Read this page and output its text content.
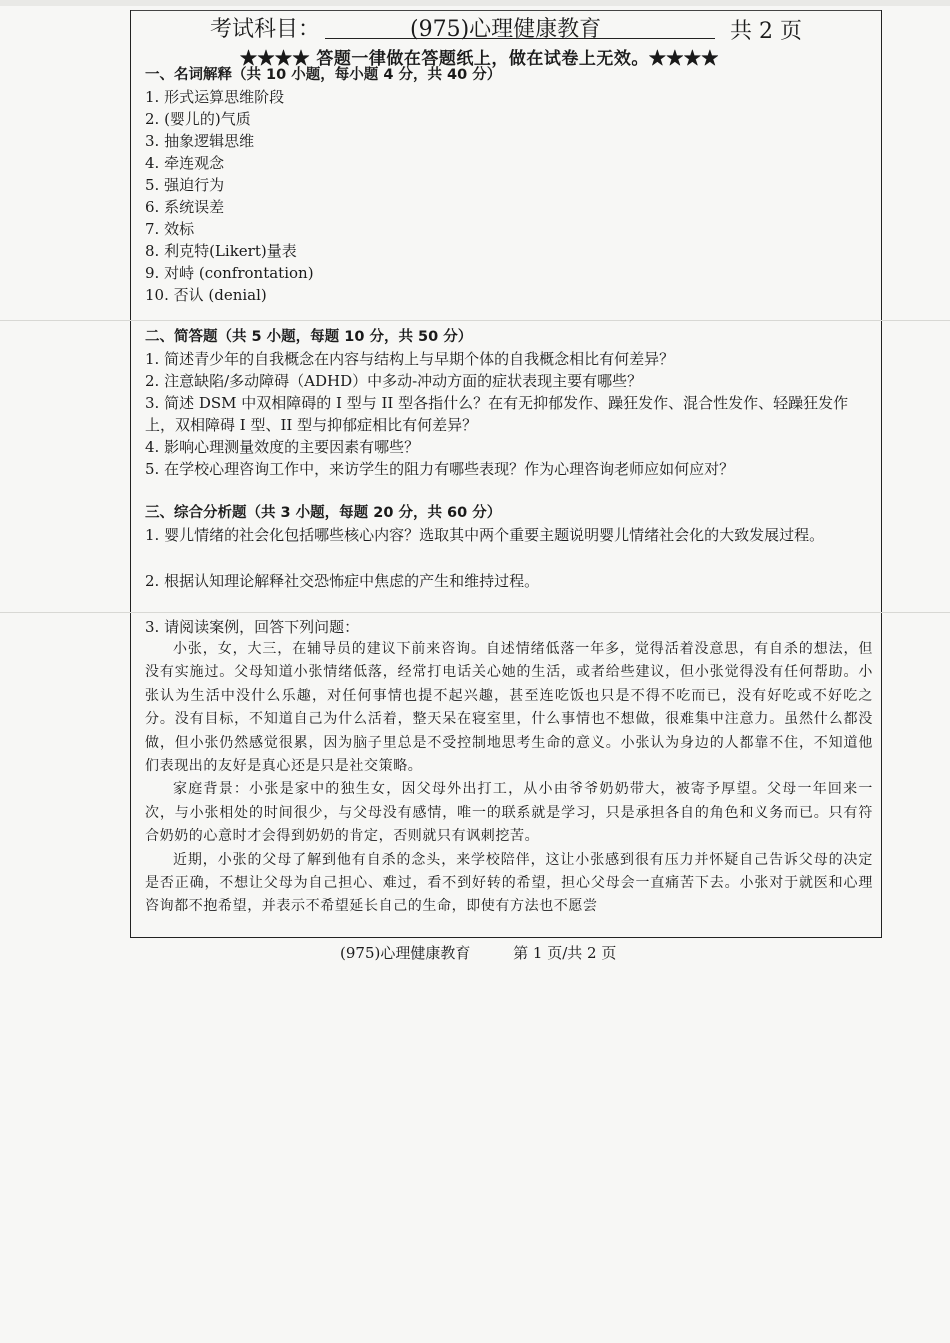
考试科目：	(975)心理健康教育	共 2 页
★★★★ 答题一律做在答题纸上，做在试卷上无效。★★★★
一、名词解释（共 10 小题，每小题 4 分，共 40 分）
1. 形式运算思维阶段
2. (婴儿的)气质
3. 抽象逻辑思维
4. 牵连观念
5. 强迫行为
6. 系统误差
7. 效标
8. 利克特(Likert)量表
9. 对峙 (confrontation)
10. 否认 (denial)
二、简答题（共 5 小题，每题 10 分，共 50 分）
1. 简述青少年的自我概念在内容与结构上与早期个体的自我概念相比有何差异？
2. 注意缺陷/多动障碍（ADHD）中多动-冲动方面的症状表现主要有哪些？
3. 简述 DSM 中双相障碍的 I 型与 II 型各指什么？在有无抑郁发作、躁狂发作、混合性发作、轻躁狂发作上，双相障碍 I 型、II 型与抑郁症相比有何差异？
4. 影响心理测量效度的主要因素有哪些？
5. 在学校心理咨询工作中，来访学生的阻力有哪些表现？作为心理咨询老师应如何应对？
三、综合分析题（共 3 小题，每题 20 分，共 60 分）
1. 婴儿情绪的社会化包括哪些核心内容？选取其中两个重要主题说明婴儿情绪社会化的大致发展过程。
2. 根据认知理论解释社交恐怖症中焦虑的产生和维持过程。
3. 请阅读案例，回答下列问题：

小张，女，大三，在辅导员的建议下前来咨询。自述情绪低落一年多，觉得活着没意思，有自杀的想法，但没有实施过。父母知道小张情绪低落，经常打电话关心她的生活，或者给些建议，但小张觉得没有任何帮助。小张认为生活中没什么乐趣，对任何事情也提不起兴趣，甚至连吃饭也只是不得不吃而已，没有好吃或不好吃之分。没有目标，不知道自己为什么活着，整天呆在寝室里，什么事情也不想做，很难集中注意力。虽然什么都没做，但小张仍然感觉很累，因为脑子里总是不受控制地思考生命的意义。小张认为身边的人都靠不住，不知道他们表现出的友好是真心还是只是社交策略。

家庭背景：小张是家中的独生女，因父母外出打工，从小由爷爷奶奶带大，被寄予厚望。父母一年回来一次，与小张相处的时间很少，与父母没有感情，唯一的联系就是学习，只是承担各自的角色和义务而已。只有符合奶奶的心意时才会得到奶奶的肯定，否则就只有讽刺挖苦。

近期，小张的父母了解到他有自杀的念头，来学校陪伴，这让小张感到很有压力并怀疑自己告诉父母的决定是否正确，不想让父母为自己担心、难过，看不到好转的希望，担心父母会一直痛苦下去。小张对于就医和心理咨询都不抱希望，并表示不希望延长自己的生命，即使有方法也不愿尝

(975)心理健康教育	第 1 页/共 2 页
